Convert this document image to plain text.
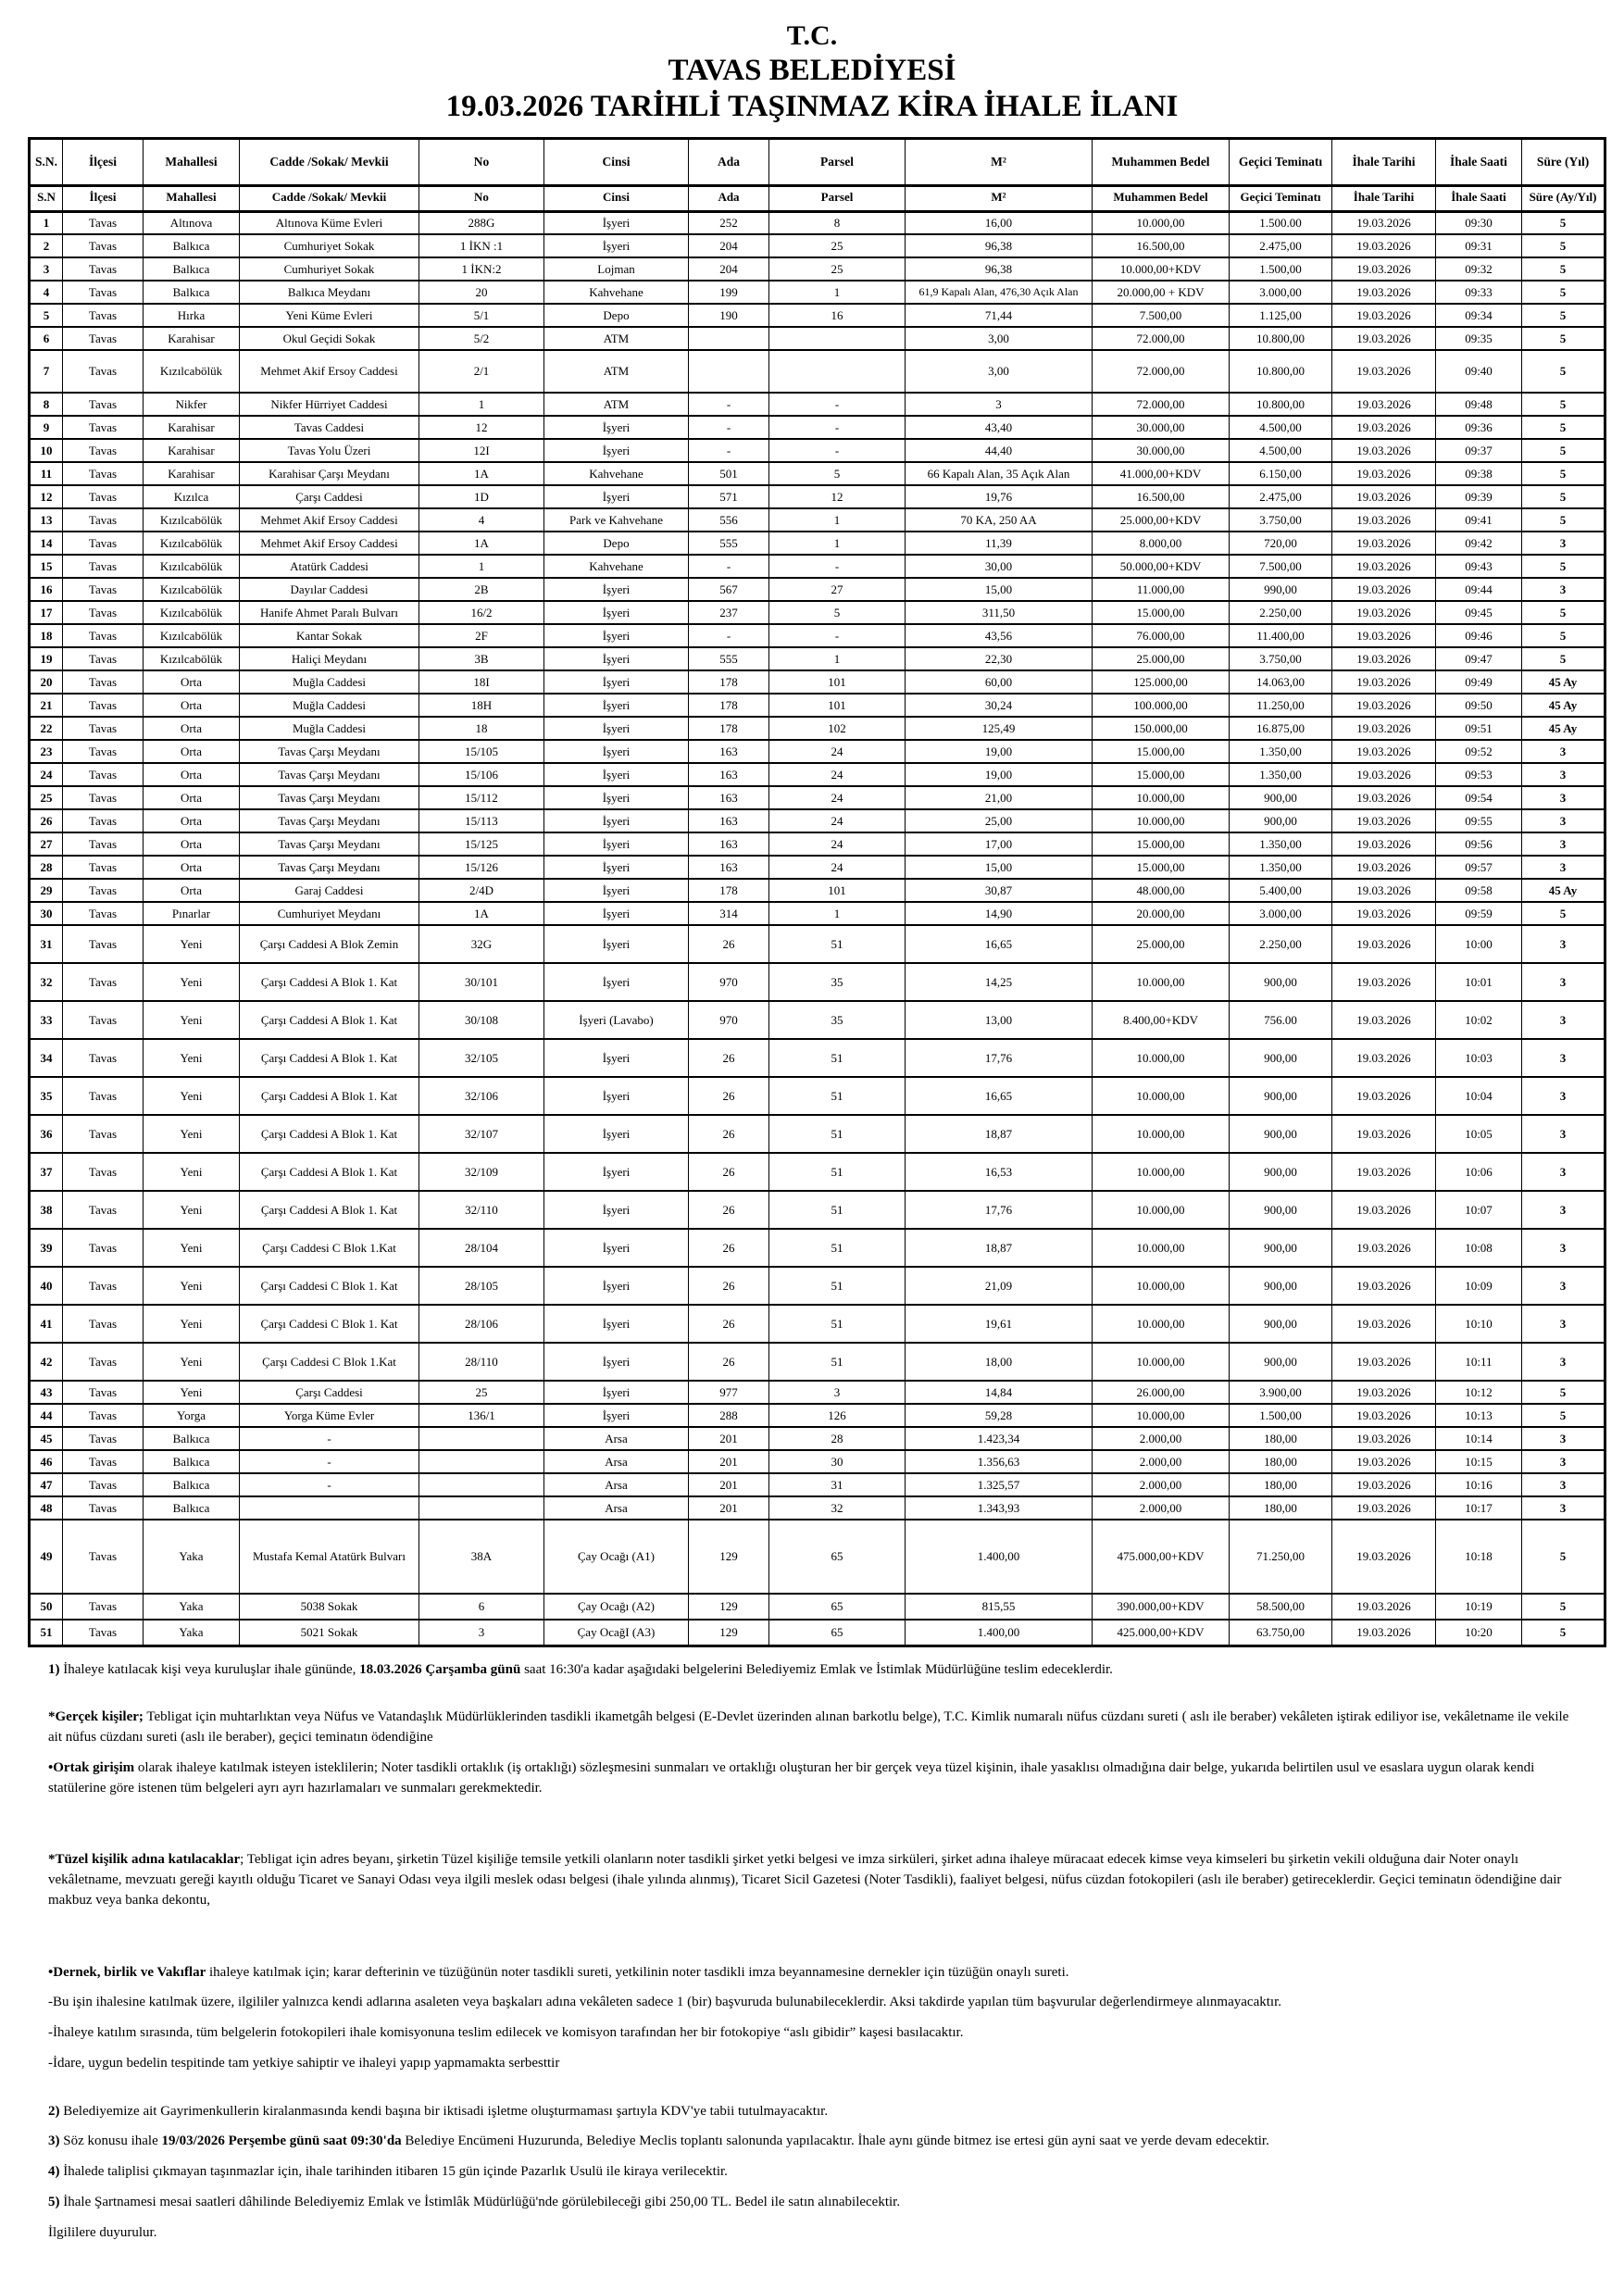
T.C.
TAVAS BELEDİYESİ
19.03.2026 TARİHLİ TAŞINMAZ KİRA İHALE İLANI
S.N.	İlçesi	Mahallesi	Cadde /Sokak/ Mevkii	No	Cinsi	Ada	Parsel	M²	Muhammen Bedel	Geçici Teminatı	İhale Tarihi	İhale Saati	Süre (Yıl)

S.N	İlçesi	Mahallesi	Cadde /Sokak/ Mevkii	No	Cinsi	Ada	Parsel	M²	Muhammen Bedel	Geçici Teminatı	İhale Tarihi	İhale Saati	Süre (Ay/Yıl)

1	Tavas	Altınova	Altınova Küme Evleri	288G	İşyeri	252	8	16,00	10.000,00	1.500.00	19.03.2026	09:30	5
2	Tavas	Balkıca	Cumhuriyet Sokak	1 İKN :1	İşyeri	204	25	96,38	16.500,00	2.475,00	19.03.2026	09:31	5
3	Tavas	Balkıca	Cumhuriyet Sokak	1 İKN:2	Lojman	204	25	96,38	10.000,00+KDV	1.500,00	19.03.2026	09:32	5
4	Tavas	Balkıca	Balkıca Meydanı	20	Kahvehane	199	1	61,9 Kapalı Alan, 476,30 Açık Alan	20.000,00 + KDV	3.000,00	19.03.2026	09:33	5
5	Tavas	Hırka	Yeni Küme Evleri	5/1	Depo	190	16	71,44	7.500,00	1.125,00	19.03.2026	09:34	5
6	Tavas	Karahisar	Okul Geçidi Sokak	5/2	ATM			3,00	72.000,00	10.800,00	19.03.2026	09:35	5
7	Tavas	Kızılcabölük	Mehmet Akif Ersoy Caddesi	2/1	ATM			3,00	72.000,00	10.800,00	19.03.2026	09:40	5
8	Tavas	Nikfer	Nikfer Hürriyet Caddesi	1	ATM	-	-	3	72.000,00	10.800,00	19.03.2026	09:48	5
9	Tavas	Karahisar	Tavas Caddesi	12	İşyeri	-	-	43,40	30.000,00	4.500,00	19.03.2026	09:36	5
10	Tavas	Karahisar	Tavas Yolu Üzeri	12I	İşyeri	-	-	44,40	30.000,00	4.500,00	19.03.2026	09:37	5
11	Tavas	Karahisar	Karahisar Çarşı Meydanı	1A	Kahvehane	501	5	66 Kapalı Alan, 35 Açık Alan	41.000,00+KDV	6.150,00	19.03.2026	09:38	5
12	Tavas	Kızılca	Çarşı Caddesi	1D	İşyeri	571	12	19,76	16.500,00	2.475,00	19.03.2026	09:39	5
13	Tavas	Kızılcabölük	Mehmet Akif Ersoy Caddesi	4	Park ve Kahvehane	556	1	70 KA, 250 AA	25.000,00+KDV	3.750,00	19.03.2026	09:41	5
14	Tavas	Kızılcabölük	Mehmet Akif Ersoy Caddesi	1A	Depo	555	1	11,39	8.000,00	720,00	19.03.2026	09:42	3
15	Tavas	Kızılcabölük	Atatürk Caddesi	1	Kahvehane	-	-	30,00	50.000,00+KDV	7.500,00	19.03.2026	09:43	5
16	Tavas	Kızılcabölük	Dayılar Caddesi	2B	İşyeri	567	27	15,00	11.000,00	990,00	19.03.2026	09:44	3
17	Tavas	Kızılcabölük	Hanife Ahmet Paralı Bulvarı	16/2	İşyeri	237	5	311,50	15.000,00	2.250,00	19.03.2026	09:45	5
18	Tavas	Kızılcabölük	Kantar Sokak	2F	İşyeri	-	-	43,56	76.000,00	11.400,00	19.03.2026	09:46	5
19	Tavas	Kızılcabölük	Haliçi Meydanı	3B	İşyeri	555	1	22,30	25.000,00	3.750,00	19.03.2026	09:47	5
20	Tavas	Orta	Muğla Caddesi	18I	İşyeri	178	101	60,00	125.000,00	14.063,00	19.03.2026	09:49	45 Ay
21	Tavas	Orta	Muğla Caddesi	18H	İşyeri	178	101	30,24	100.000,00	11.250,00	19.03.2026	09:50	45 Ay
22	Tavas	Orta	Muğla Caddesi	18	İşyeri	178	102	125,49	150.000,00	16.875,00	19.03.2026	09:51	45 Ay
23	Tavas	Orta	Tavas Çarşı Meydanı	15/105	İşyeri	163	24	19,00	15.000,00	1.350,00	19.03.2026	09:52	3
24	Tavas	Orta	Tavas Çarşı Meydanı	15/106	İşyeri	163	24	19,00	15.000,00	1.350,00	19.03.2026	09:53	3
25	Tavas	Orta	Tavas Çarşı Meydanı	15/112	İşyeri	163	24	21,00	10.000,00	900,00	19.03.2026	09:54	3
26	Tavas	Orta	Tavas Çarşı Meydanı	15/113	İşyeri	163	24	25,00	10.000,00	900,00	19.03.2026	09:55	3
27	Tavas	Orta	Tavas Çarşı Meydanı	15/125	İşyeri	163	24	17,00	15.000,00	1.350,00	19.03.2026	09:56	3
28	Tavas	Orta	Tavas Çarşı Meydanı	15/126	İşyeri	163	24	15,00	15.000,00	1.350,00	19.03.2026	09:57	3
29	Tavas	Orta	Garaj Caddesi	2/4D	İşyeri	178	101	30,87	48.000,00	5.400,00	19.03.2026	09:58	45 Ay
30	Tavas	Pınarlar	Cumhuriyet Meydanı	1A	İşyeri	314	1	14,90	20.000,00	3.000,00	19.03.2026	09:59	5
31	Tavas	Yeni	Çarşı Caddesi A Blok Zemin	32G	İşyeri	26	51	16,65	25.000,00	2.250,00	19.03.2026	10:00	3
32	Tavas	Yeni	Çarşı Caddesi A Blok 1. Kat	30/101	İşyeri	970	35	14,25	10.000,00	900,00	19.03.2026	10:01	3
33	Tavas	Yeni	Çarşı Caddesi A Blok 1. Kat	30/108	İşyeri (Lavabo)	970	35	13,00	8.400,00+KDV	756.00	19.03.2026	10:02	3
34	Tavas	Yeni	Çarşı Caddesi A Blok 1. Kat	32/105	İşyeri	26	51	17,76	10.000,00	900,00	19.03.2026	10:03	3
35	Tavas	Yeni	Çarşı Caddesi A Blok 1. Kat	32/106	İşyeri	26	51	16,65	10.000,00	900,00	19.03.2026	10:04	3
36	Tavas	Yeni	Çarşı Caddesi A Blok 1. Kat	32/107	İşyeri	26	51	18,87	10.000,00	900,00	19.03.2026	10:05	3
37	Tavas	Yeni	Çarşı Caddesi A Blok 1. Kat	32/109	İşyeri	26	51	16,53	10.000,00	900,00	19.03.2026	10:06	3
38	Tavas	Yeni	Çarşı Caddesi A Blok 1. Kat	32/110	İşyeri	26	51	17,76	10.000,00	900,00	19.03.2026	10:07	3
39	Tavas	Yeni	Çarşı Caddesi C Blok 1.Kat	28/104	İşyeri	26	51	18,87	10.000,00	900,00	19.03.2026	10:08	3
40	Tavas	Yeni	Çarşı Caddesi C Blok 1. Kat	28/105	İşyeri	26	51	21,09	10.000,00	900,00	19.03.2026	10:09	3
41	Tavas	Yeni	Çarşı Caddesi C Blok 1. Kat	28/106	İşyeri	26	51	19,61	10.000,00	900,00	19.03.2026	10:10	3
42	Tavas	Yeni	Çarşı Caddesi C Blok 1.Kat	28/110	İşyeri	26	51	18,00	10.000,00	900,00	19.03.2026	10:11	3
43	Tavas	Yeni	Çarşı Caddesi	25	İşyeri	977	3	14,84	26.000,00	3.900,00	19.03.2026	10:12	5
44	Tavas	Yorga	Yorga Küme Evler	136/1	İşyeri	288	126	59,28	10.000,00	1.500,00	19.03.2026	10:13	5
45	Tavas	Balkıca	-		Arsa	201	28	1.423,34	2.000,00	180,00	19.03.2026	10:14	3
46	Tavas	Balkıca	-		Arsa	201	30	1.356,63	2.000,00	180,00	19.03.2026	10:15	3
47	Tavas	Balkıca	-		Arsa	201	31	1.325,57	2.000,00	180,00	19.03.2026	10:16	3
48	Tavas	Balkıca			Arsa	201	32	1.343,93	2.000,00	180,00	19.03.2026	10:17	3
49	Tavas	Yaka	Mustafa Kemal Atatürk Bulvarı	38A	Çay Ocağı (A1)	129	65	1.400,00	475.000,00+KDV	71.250,00	19.03.2026	10:18	5
50	Tavas	Yaka	5038 Sokak	6	Çay Ocağı (A2)	129	65	815,55	390.000,00+KDV	58.500,00	19.03.2026	10:19	5
51	Tavas	Yaka	5021 Sokak	3	Çay OcağI (A3)	129	65	1.400,00	425.000,00+KDV	63.750,00	19.03.2026	10:20	5

1) İhaleye katılacak kişi veya kuruluşlar ihale gününde, 18.03.2026 Çarşamba günü saat 16:30'a kadar aşağıdaki belgelerini Belediyemiz Emlak ve İstimlak Müdürlüğüne teslim edeceklerdir.

*Gerçek kişiler; Tebligat için muhtarlıktan veya Nüfus ve Vatandaşlık Müdürlüklerinden tasdikli ikametgâh belgesi (E-Devlet üzerinden alınan barkotlu belge), T.C. Kimlik numaralı nüfus cüzdanı sureti ( aslı ile beraber) vekâleten iştirak ediliyor ise, vekâletname ile vekile ait nüfus cüzdanı sureti (aslı ile beraber), geçici teminatın ödendiğine

•Ortak girişim olarak ihaleye katılmak isteyen isteklilerin; Noter tasdikli ortaklık (iş ortaklığı) sözleşmesini sunmaları ve ortaklığı oluşturan her bir gerçek veya tüzel kişinin, ihale yasaklısı olmadığına dair belge, yukarıda belirtilen usul ve esaslara uygun olarak kendi statülerine göre istenen tüm belgeleri ayrı ayrı hazırlamaları ve sunmaları gerekmektedir.

*Tüzel kişilik adına katılacaklar; Tebligat için adres beyanı, şirketin Tüzel kişiliğe temsile yetkili olanların noter tasdikli şirket yetki belgesi ve imza sirküleri, şirket adına ihaleye müracaat edecek kimse veya kimseleri bu şirketin vekili olduğuna dair Noter onaylı vekâletname, mevzuatı gereği kayıtlı olduğu Ticaret ve Sanayi Odası veya ilgili meslek odası belgesi (ihale yılında alınmış), Ticaret Sicil Gazetesi (Noter Tasdikli), faaliyet belgesi, nüfus cüzdan fotokopileri (aslı ile beraber) getireceklerdir. Geçici teminatın ödendiğine dair makbuz veya banka dekontu,

•Dernek, birlik ve Vakıflar ihaleye katılmak için; karar defterinin ve tüzüğünün noter tasdikli sureti, yetkilinin noter tasdikli imza beyannamesine dernekler için tüzüğün onaylı sureti.

-Bu işin ihalesine katılmak üzere, ilgililer yalnızca kendi adlarına asaleten veya başkaları adına vekâleten sadece 1 (bir) başvuruda bulunabileceklerdir. Aksi takdirde yapılan tüm başvurular değerlendirmeye alınmayacaktır.

-İhaleye katılım sırasında, tüm belgelerin fotokopileri ihale komisyonuna teslim edilecek ve komisyon tarafından her bir fotokopiye “aslı gibidir” kaşesi basılacaktır.

-İdare, uygun bedelin tespitinde tam yetkiye sahiptir ve ihaleyi yapıp yapmamakta serbesttir

2) Belediyemize ait Gayrimenkullerin kiralanmasında kendi başına bir iktisadi işletme oluşturmaması şartıyla KDV'ye tabii tutulmayacaktır.

3) Söz konusu ihale 19/03/2026 Perşembe günü saat 09:30'da Belediye Encümeni Huzurunda, Belediye Meclis toplantı salonunda yapılacaktır. İhale aynı günde bitmez ise ertesi gün ayni saat ve yerde devam edecektir.

4) İhalede taliplisi çıkmayan taşınmazlar için, ihale tarihinden itibaren 15 gün içinde Pazarlık Usulü ile kiraya verilecektir.

5) İhale Şartnamesi mesai saatleri dâhilinde Belediyemiz Emlak ve İstimlâk Müdürlüğü'nde görülebileceği gibi 250,00 TL. Bedel ile satın alınabilecektir.

İlgililere duyurulur.
